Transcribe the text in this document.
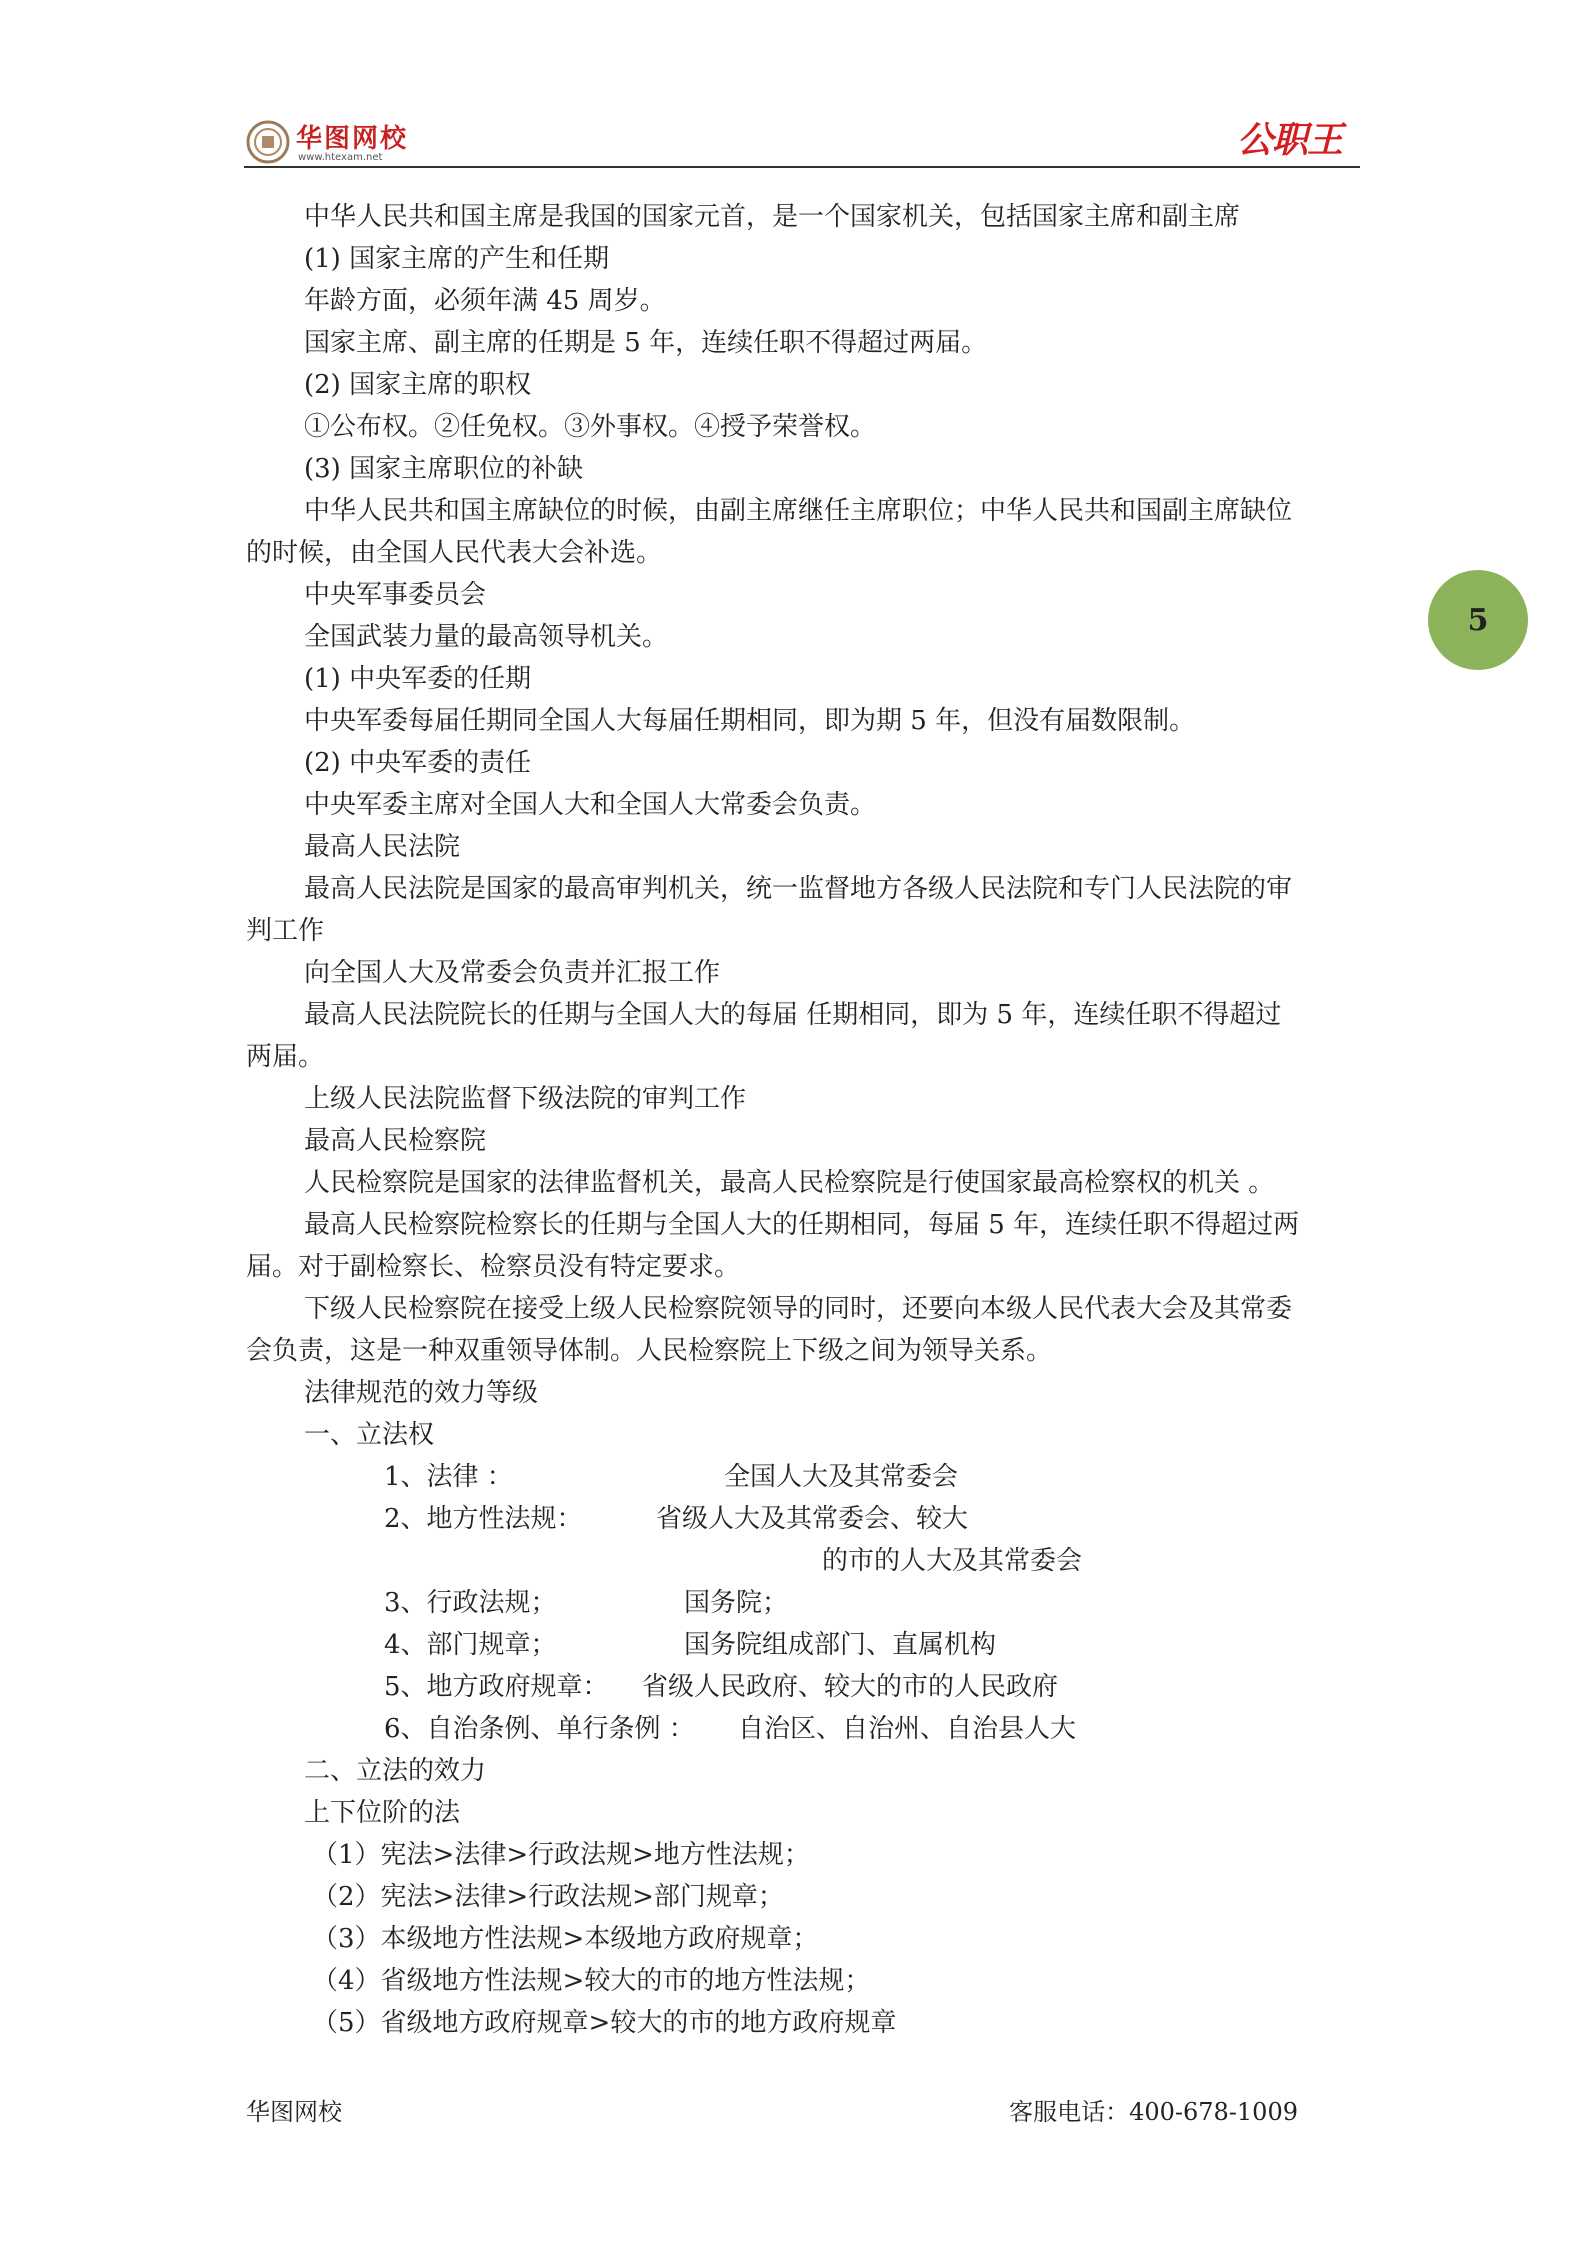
华图网校
www.htexam.net	公职王
5
中华人民共和国主席是我国的国家元首，是一个国家机关，包括国家主席和副主席
(1) 国家主席的产生和任期
年龄方面，必须年满 45 周岁。
国家主席、副主席的任期是 5 年，连续任职不得超过两届。
(2) 国家主席的职权
①公布权。②任免权。③外事权。④授予荣誉权。
(3) 国家主席职位的补缺
中华人民共和国主席缺位的时候，由副主席继任主席职位；中华人民共和国副主席缺位
的时候，由全国人民代表大会补选。
中央军事委员会
全国武装力量的最高领导机关。
(1) 中央军委的任期
中央军委每届任期同全国人大每届任期相同，即为期 5 年，但没有届数限制。
(2) 中央军委的责任
中央军委主席对全国人大和全国人大常委会负责。
最高人民法院
最高人民法院是国家的最高审判机关，统一监督地方各级人民法院和专门人民法院的审
判工作
向全国人大及常委会负责并汇报工作
最高人民法院院长的任期与全国人大的每届 任期相同，即为 5 年，连续任职不得超过
两届。
上级人民法院监督下级法院的审判工作
最高人民检察院
人民检察院是国家的法律监督机关，最高人民检察院是行使国家最高检察权的机关 。
最高人民检察院检察长的任期与全国人大的任期相同，每届 5 年，连续任职不得超过两
届。对于副检察长、检察员没有特定要求。
下级人民检察院在接受上级人民检察院领导的同时，还要向本级人民代表大会及其常委
会负责，这是一种双重领导体制。人民检察院上下级之间为领导关系。
法律规范的效力等级
一、立法权
1、法律 ：	全国人大及其常委会
2、地方性法规：	省级人大及其常委会、较大
的市的人大及其常委会
3、行政法规；	国务院；
4、部门规章；	国务院组成部门、直属机构
5、地方政府规章： 省级人民政府、较大的市的人民政府
6、自治条例、单行条例 ： 自治区、自治州、自治县人大
二、立法的效力
上下位阶的法
（1）宪法>法律>行政法规>地方性法规；
（2）宪法>法律>行政法规>部门规章；
（3）本级地方性法规>本级地方政府规章；
（4）省级地方性法规>较大的市的地方性法规；
（5）省级地方政府规章>较大的市的地方政府规章
华图网校	客服电话：400-678-1009
